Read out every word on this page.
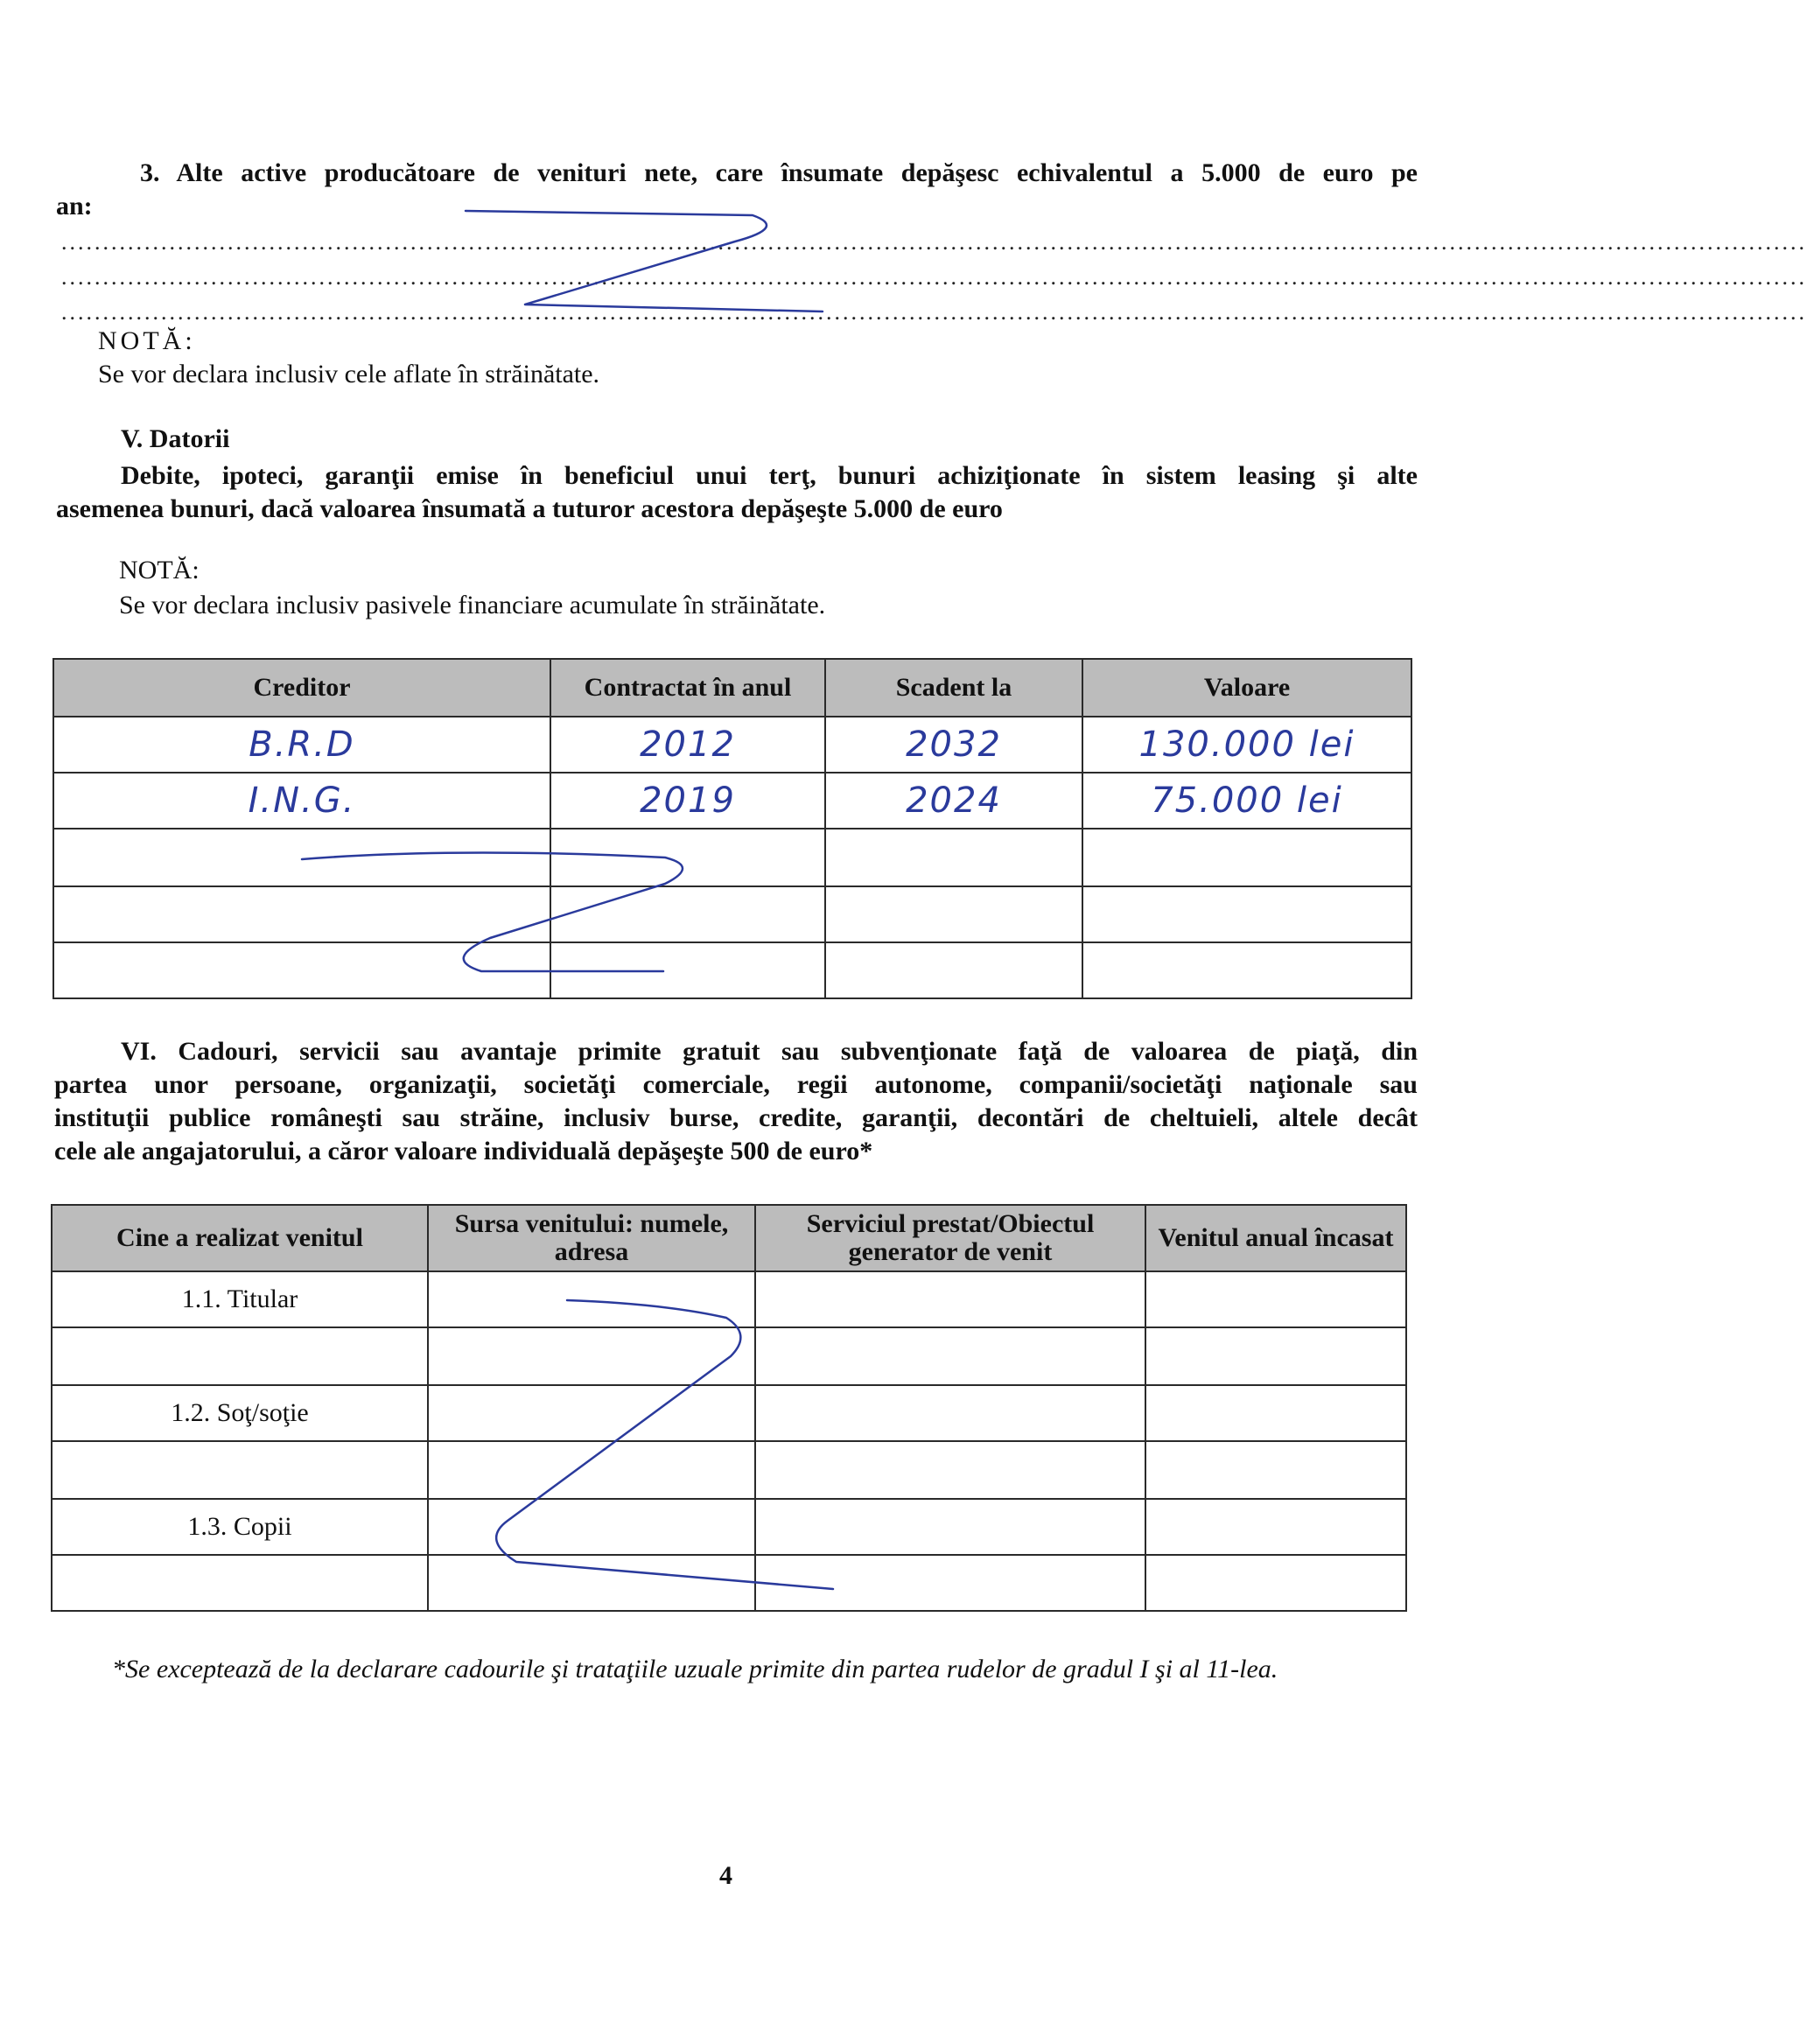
3. Alte active producătoare de venituri nete, care însumate depăşesc echivalentul a 5.000 de euro pe
an:
..................................................................................................................................................................................................................
..................................................................................................................................................................................................................
..................................................................................................................................................................................................................
NOTĂ:
Se vor declara inclusiv cele aflate în străinătate.
V. Datorii
Debite, ipoteci, garanţii emise în beneficiul unui terţ, bunuri achiziţionate în sistem leasing şi alte
asemenea bunuri, dacă valoarea însumată a tuturor acestora depăşeşte 5.000 de euro
NOTĂ:
Se vor declara inclusiv pasivele financiare acumulate în străinătate.
Creditor	Contractat în anul	Scadent la	Valoare
B.R.D	2012	2032	130.000 lei
I.N.G.	2019	2024	75.000 lei

VI. Cadouri, servicii sau avantaje primite gratuit sau subvenţionate faţă de valoarea de piaţă, din
partea unor persoane, organizaţii, societăţi comerciale, regii autonome, companii/societăţi naţionale sau
instituţii publice româneşti sau străine, inclusiv burse, credite, garanţii, decontări de cheltuieli, altele decât
cele ale angajatorului, a căror valoare individuală depăşeşte 500 de euro*
Cine a realizat venitul	Sursa venitului: numele, adresa	Serviciul prestat/Obiectul generator de venit	Venitul anual încasat
1.1. Titular			

1.2. Soţ/soţie			

1.3. Copii			

*Se exceptează de la declarare cadourile şi trataţiile uzuale primite din partea rudelor de gradul I şi al 11-lea.
4
